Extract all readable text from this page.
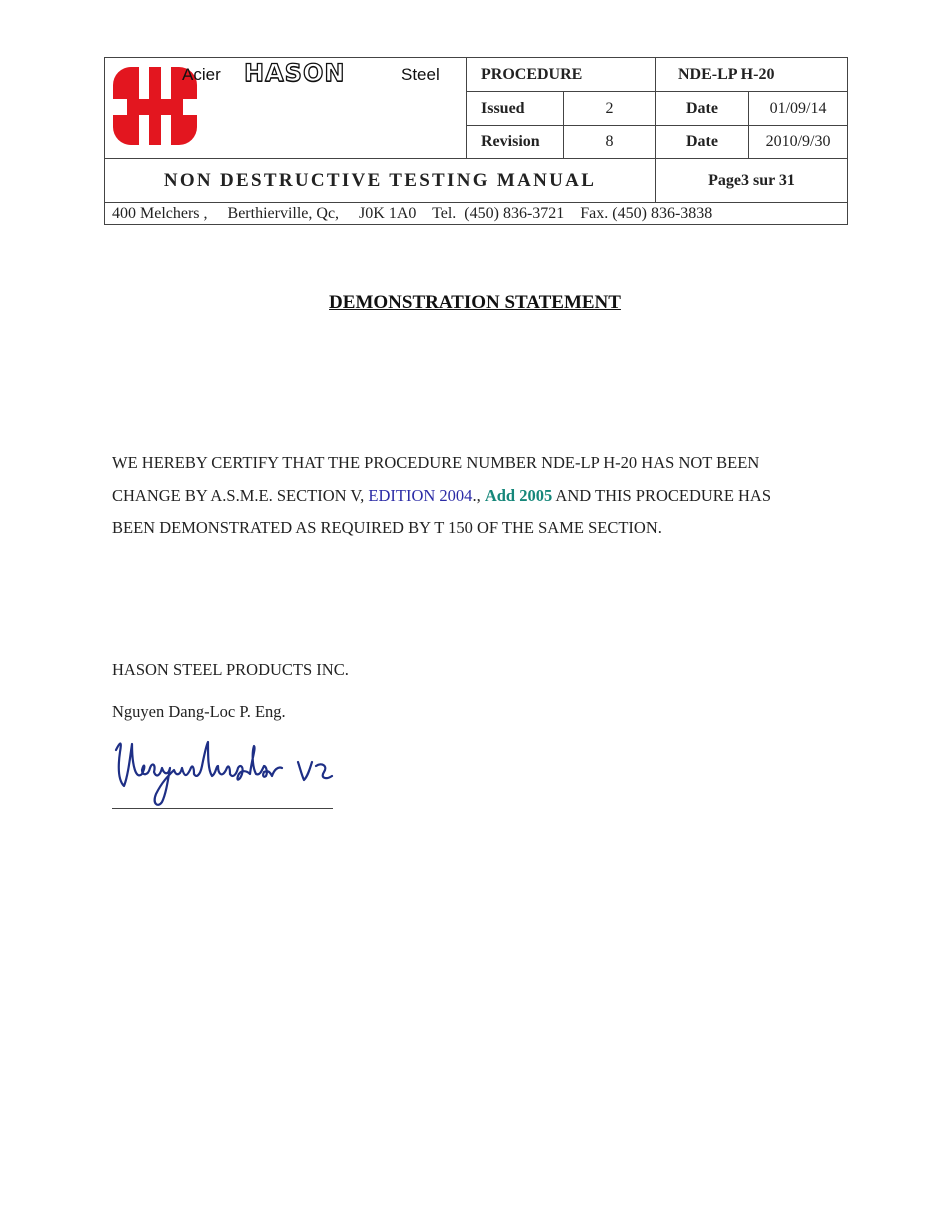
Acier HASON Steel	PROCEDURE		NDE-LP H-20	
	Issued	2	Date	01/09/14
	Revision	8	Date	2010/9/30
NON DESTRUCTIVE TESTING MANUAL			Page3 sur 31	
400 Melchers ,     Berthierville, Qc,     J0K 1A0    Tel.  (450) 836-3721    Fax. (450) 836-3838				
DEMONSTRATION STATEMENT
WE HEREBY CERTIFY THAT THE PROCEDURE NUMBER NDE-LP H-20 HAS NOT BEEN CHANGE BY A.S.M.E. SECTION V, EDITION 2004., Add 2005 AND THIS PROCEDURE HAS BEEN DEMONSTRATED AS REQUIRED BY T 150 OF THE SAME SECTION.
HASON STEEL PRODUCTS INC.
Nguyen Dang-Loc P. Eng.
